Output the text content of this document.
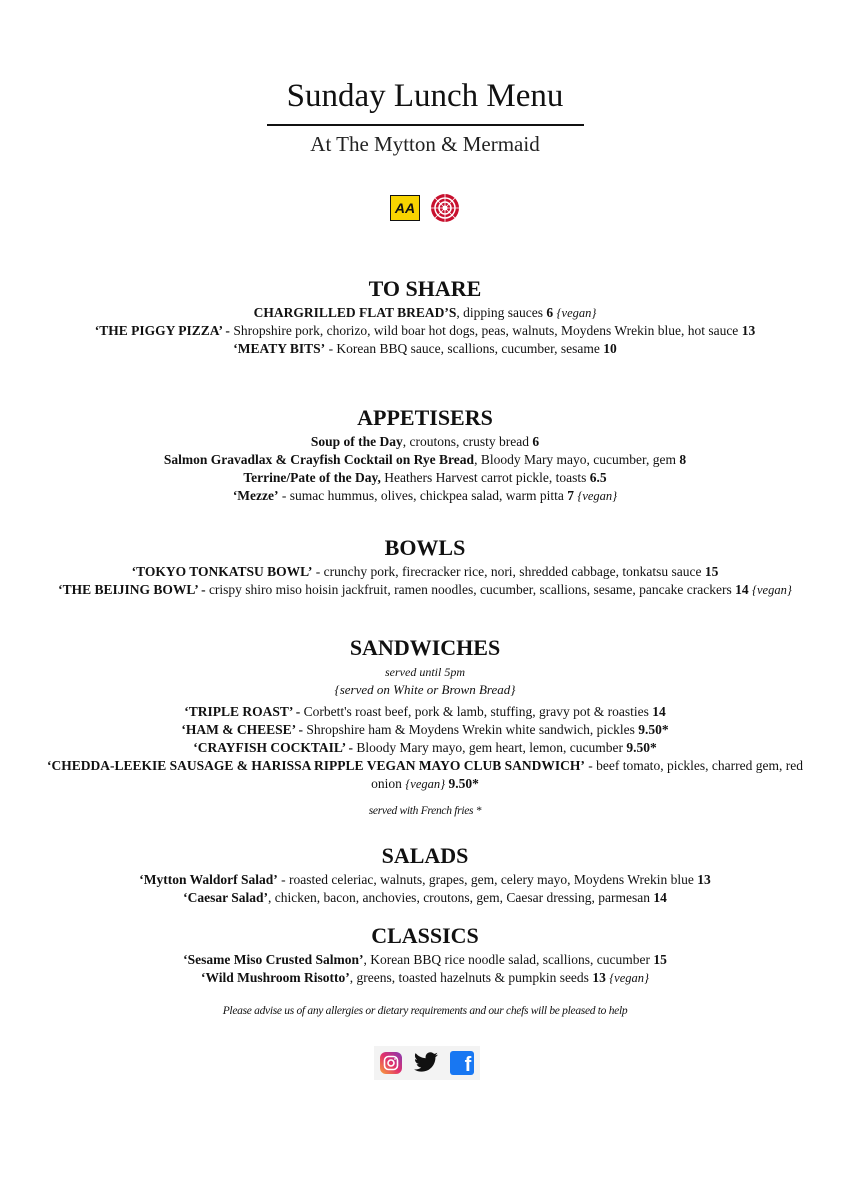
Sunday Lunch Menu
At The Mytton & Mermaid
AA
TO SHARE
CHARGRILLED FLAT BREAD’S, dipping sauces 6 {vegan}
‘THE PIGGY PIZZA’ - Shropshire pork, chorizo, wild boar hot dogs, peas, walnuts, Moydens Wrekin blue, hot sauce 13
‘MEATY BITS’ - Korean BBQ sauce, scallions, cucumber, sesame 10
APPETISERS
Soup of the Day, croutons, crusty bread 6
Salmon Gravadlax & Crayfish Cocktail on Rye Bread, Bloody Mary mayo, cucumber, gem 8
Terrine/Pate of the Day, Heathers Harvest carrot pickle, toasts 6.5
‘Mezze’ - sumac hummus, olives, chickpea salad, warm pitta 7 {vegan}
BOWLS
‘TOKYO TONKATSU BOWL’ - crunchy pork, firecracker rice, nori, shredded cabbage, tonkatsu sauce 15
‘THE BEIJING BOWL’ - crispy shiro miso hoisin jackfruit, ramen noodles, cucumber, scallions, sesame, pancake crackers 14 {vegan}
SANDWICHES
served until 5pm
{served on White or Brown Bread}
‘TRIPLE ROAST’ - Corbett's roast beef, pork & lamb, stuffing, gravy pot & roasties 14
‘HAM & CHEESE’ - Shropshire ham & Moydens Wrekin white sandwich, pickles 9.50*
‘CRAYFISH COCKTAIL’ - Bloody Mary mayo, gem heart, lemon, cucumber 9.50*
‘CHEDDA-LEEKIE SAUSAGE & HARISSA RIPPLE VEGAN MAYO CLUB SANDWICH’ - beef tomato, pickles, charred gem, red onion {vegan} 9.50*
served with French fries *
SALADS
‘Mytton Waldorf Salad’ - roasted celeriac, walnuts, grapes, gem, celery mayo, Moydens Wrekin blue 13
‘Caesar Salad’, chicken, bacon, anchovies, croutons, gem, Caesar dressing, parmesan 14
CLASSICS
‘Sesame Miso Crusted Salmon’, Korean BBQ rice noodle salad, scallions, cucumber 15
‘Wild Mushroom Risotto’, greens, toasted hazelnuts & pumpkin seeds 13 {vegan}
Please advise us of any allergies or dietary requirements and our chefs will be pleased to help
f
